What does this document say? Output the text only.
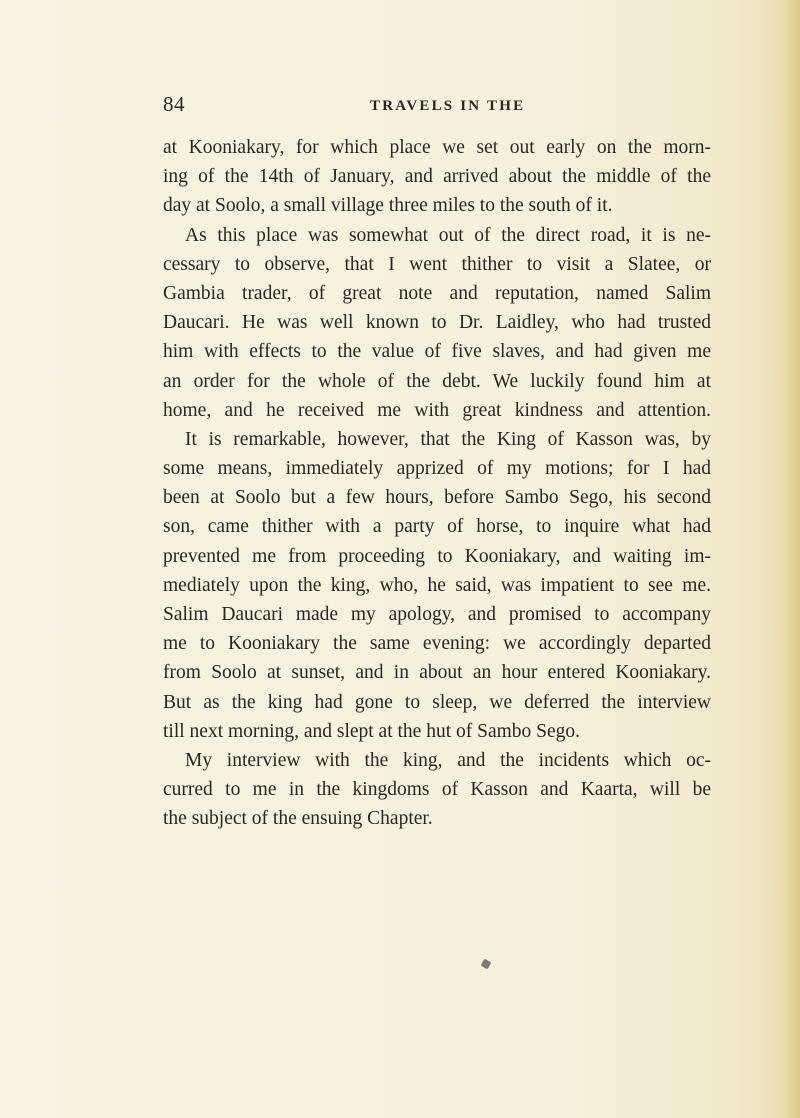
84	TRAVELS IN THE
at Kooniakary, for which place we set out early on the morn-
ing of the 14th of January, and arrived about the middle of the
day at Soolo, a small village three miles to the south of it.
As this place was somewhat out of the direct road, it is ne-
cessary to observe, that I went thither to visit a Slatee, or
Gambia trader, of great note and reputation, named Salim
Daucari. He was well known to Dr. Laidley, who had trusted
him with effects to the value of five slaves, and had given me
an order for the whole of the debt. We luckily found him at
home, and he received me with great kindness and attention.
It is remarkable, however, that the King of Kasson was, by
some means, immediately apprized of my motions; for I had
been at Soolo but a few hours, before Sambo Sego, his second
son, came thither with a party of horse, to inquire what had
prevented me from proceeding to Kooniakary, and waiting im-
mediately upon the king, who, he said, was impatient to see me.
Salim Daucari made my apology, and promised to accompany
me to Kooniakary the same evening: we accordingly departed
from Soolo at sunset, and in about an hour entered Kooniakary.
But as the king had gone to sleep, we deferred the interview
till next morning, and slept at the hut of Sambo Sego.
My interview with the king, and the incidents which oc-
curred to me in the kingdoms of Kasson and Kaarta, will be
the subject of the ensuing Chapter.
